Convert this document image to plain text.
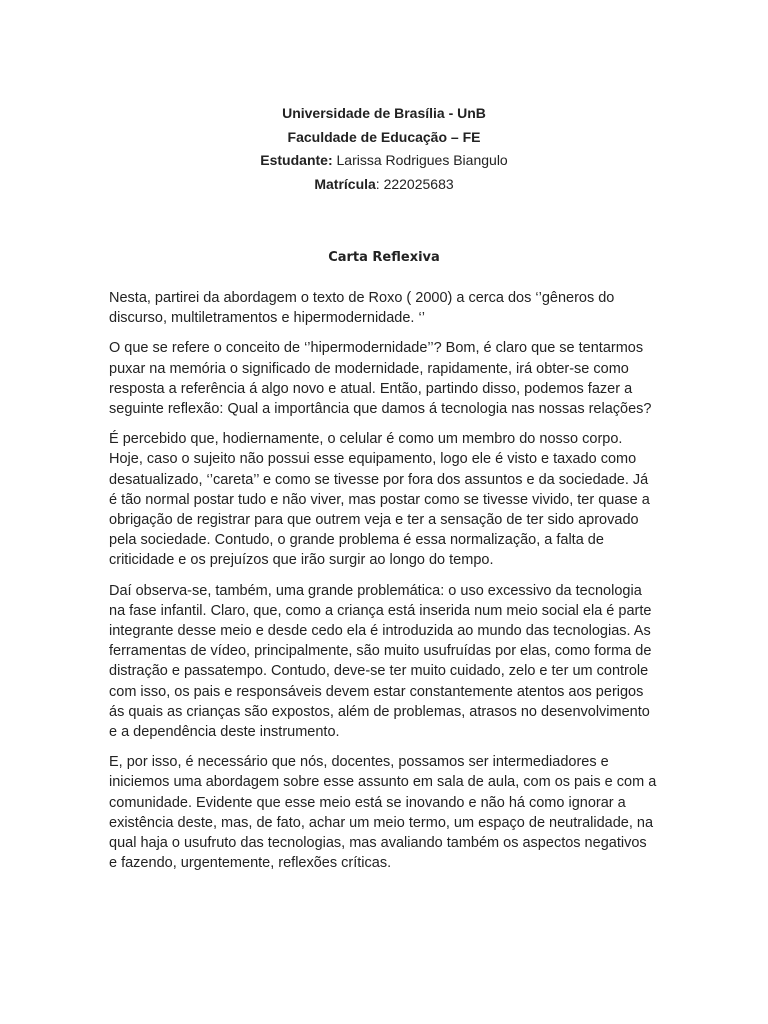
Universidade de Brasília - UnB
Faculdade de Educação – FE
Estudante: Larissa Rodrigues Biangulo
Matrícula: 222025683
Carta Reflexiva

Nesta, partirei da abordagem o texto de Roxo ( 2000) a cerca dos ‘’gêneros do
discurso, multiletramentos e hipermodernidade. ‘’

O que se refere o conceito de ‘’hipermodernidade’’? Bom, é claro que se tentarmos
puxar na memória o significado de modernidade, rapidamente, irá obter-se como
resposta a referência á algo novo e atual. Então, partindo disso, podemos fazer a
seguinte reflexão: Qual a importância que damos á tecnologia nas nossas relações?

É percebido que, hodiernamente, o celular é como um membro do nosso corpo.
Hoje, caso o sujeito não possui esse equipamento, logo ele é visto e taxado como
desatualizado, ‘’careta’’ e como se tivesse por fora dos assuntos e da sociedade. Já
é tão normal postar tudo e não viver, mas postar como se tivesse vivido, ter quase a
obrigação de registrar para que outrem veja e ter a sensação de ter sido aprovado
pela sociedade. Contudo, o grande problema é essa normalização, a falta de
criticidade e os prejuízos que irão surgir ao longo do tempo.

Daí observa-se, também, uma grande problemática: o uso excessivo da tecnologia
na fase infantil. Claro, que, como a criança está inserida num meio social ela é parte
integrante desse meio e desde cedo ela é introduzida ao mundo das tecnologias. As
ferramentas de vídeo, principalmente, são muito usufruídas por elas, como forma de
distração e passatempo. Contudo, deve-se ter muito cuidado, zelo e ter um controle
com isso, os pais e responsáveis devem estar constantemente atentos aos perigos
ás quais as crianças são expostos, além de problemas, atrasos no desenvolvimento
e a dependência deste instrumento.

E, por isso, é necessário que nós, docentes, possamos ser intermediadores e
iniciemos uma abordagem sobre esse assunto em sala de aula, com os pais e com a
comunidade. Evidente que esse meio está se inovando e não há como ignorar a
existência deste, mas, de fato, achar um meio termo, um espaço de neutralidade, na
qual haja o usufruto das tecnologias, mas avaliando também os aspectos negativos
e fazendo, urgentemente, reflexões críticas.
